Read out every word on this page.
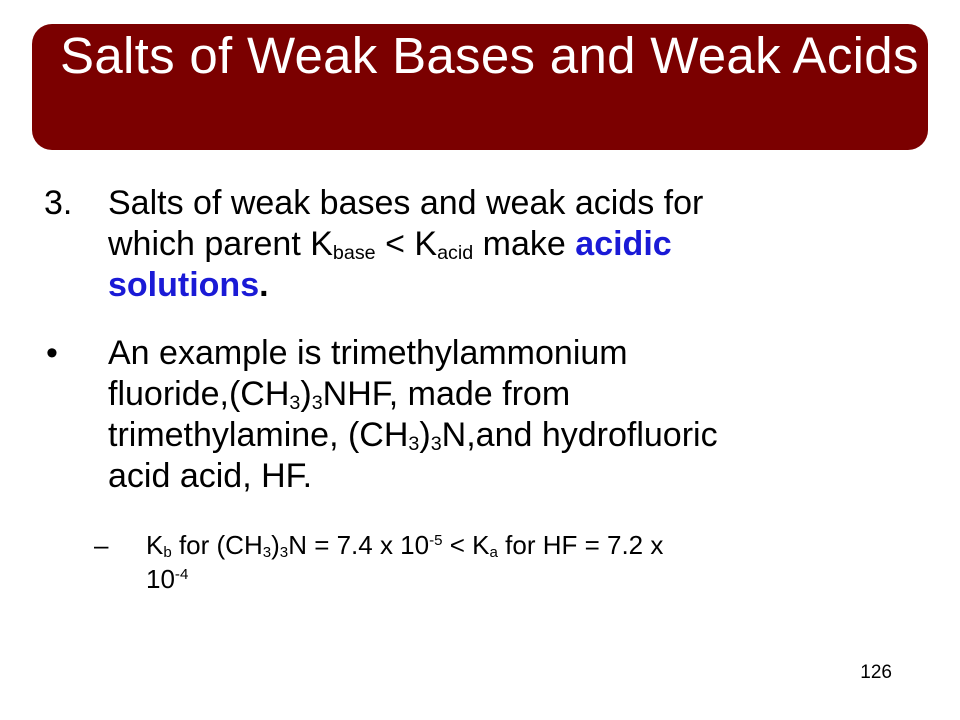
Salts of Weak Bases and Weak Acids
3. Salts of weak bases and weak acids for
which parent $K_{base} < K_{acid}$ make acidic
solutions.
• An example is trimethylammonium
$fluoride,(CH_3)_3NHF$, made from
trimethylamine, $(CH_3)_3N,and$ hydrofluoric
acid acid, HF.
– $K_b$ for $(CH_3)_3N = 7.4$ x $10^{-5} < K_a$ for HF = 7.2 x
$10^{-4}$
126
